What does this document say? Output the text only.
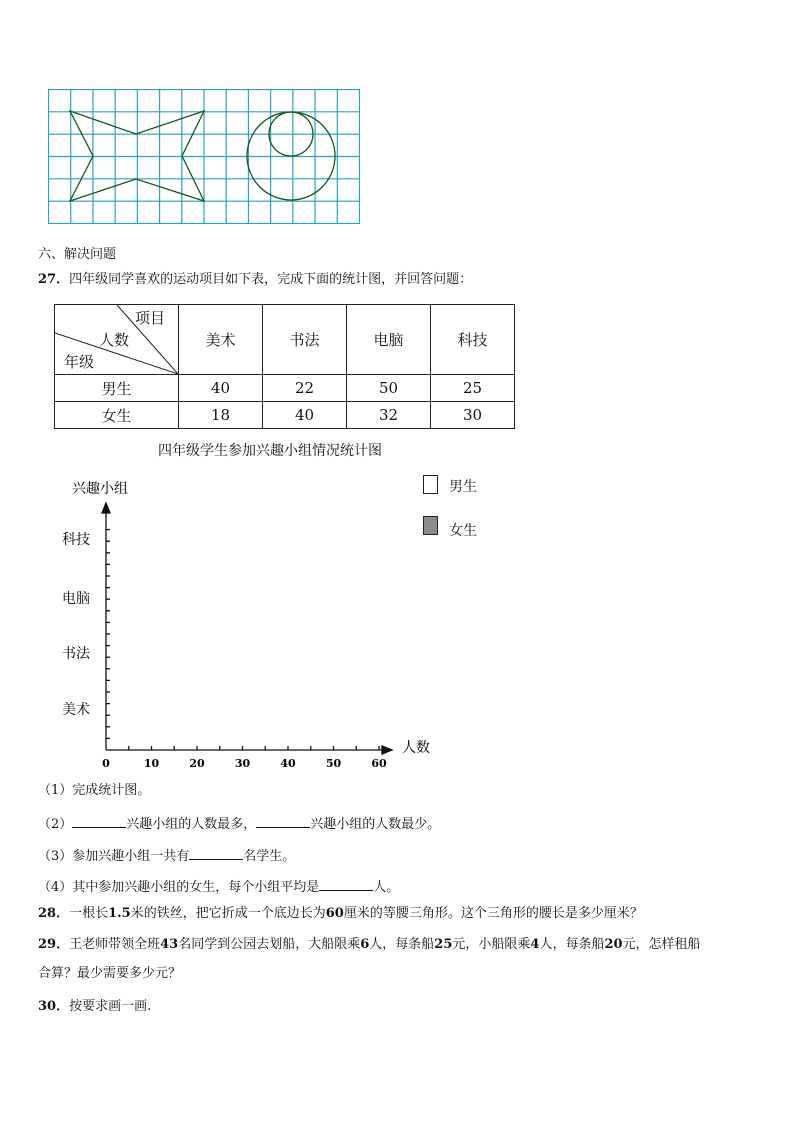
六、解决问题
27．四年级同学喜欢的运动项目如下表，完成下面的统计图，并回答问题：
项目
人数
年级	美术	书法	电脑	科技
男生	40	22	50	25
女生	18	40	32	30
四年级学生参加兴趣小组情况统计图
男生
女生
兴趣小组
科技
电脑
书法
美术
0	10	20	30	40	50	60
人数
（1）完成统计图。
（2）	兴趣小组的人数最多，	兴趣小组的人数最少。
（3）参加兴趣小组一共有	名学生。
（4）其中参加兴趣小组的女生，每个小组平均是	人。
28．一根长1.5米的铁丝，把它折成一个底边长为60厘米的等腰三角形。这个三角形的腰长是多少厘米？
29．王老师带领全班43名同学到公园去划船，大船限乘6人，每条船25元，小船限乘4人，每条船20元，怎样租船
合算？最少需要多少元？
30．按要求画一画.
